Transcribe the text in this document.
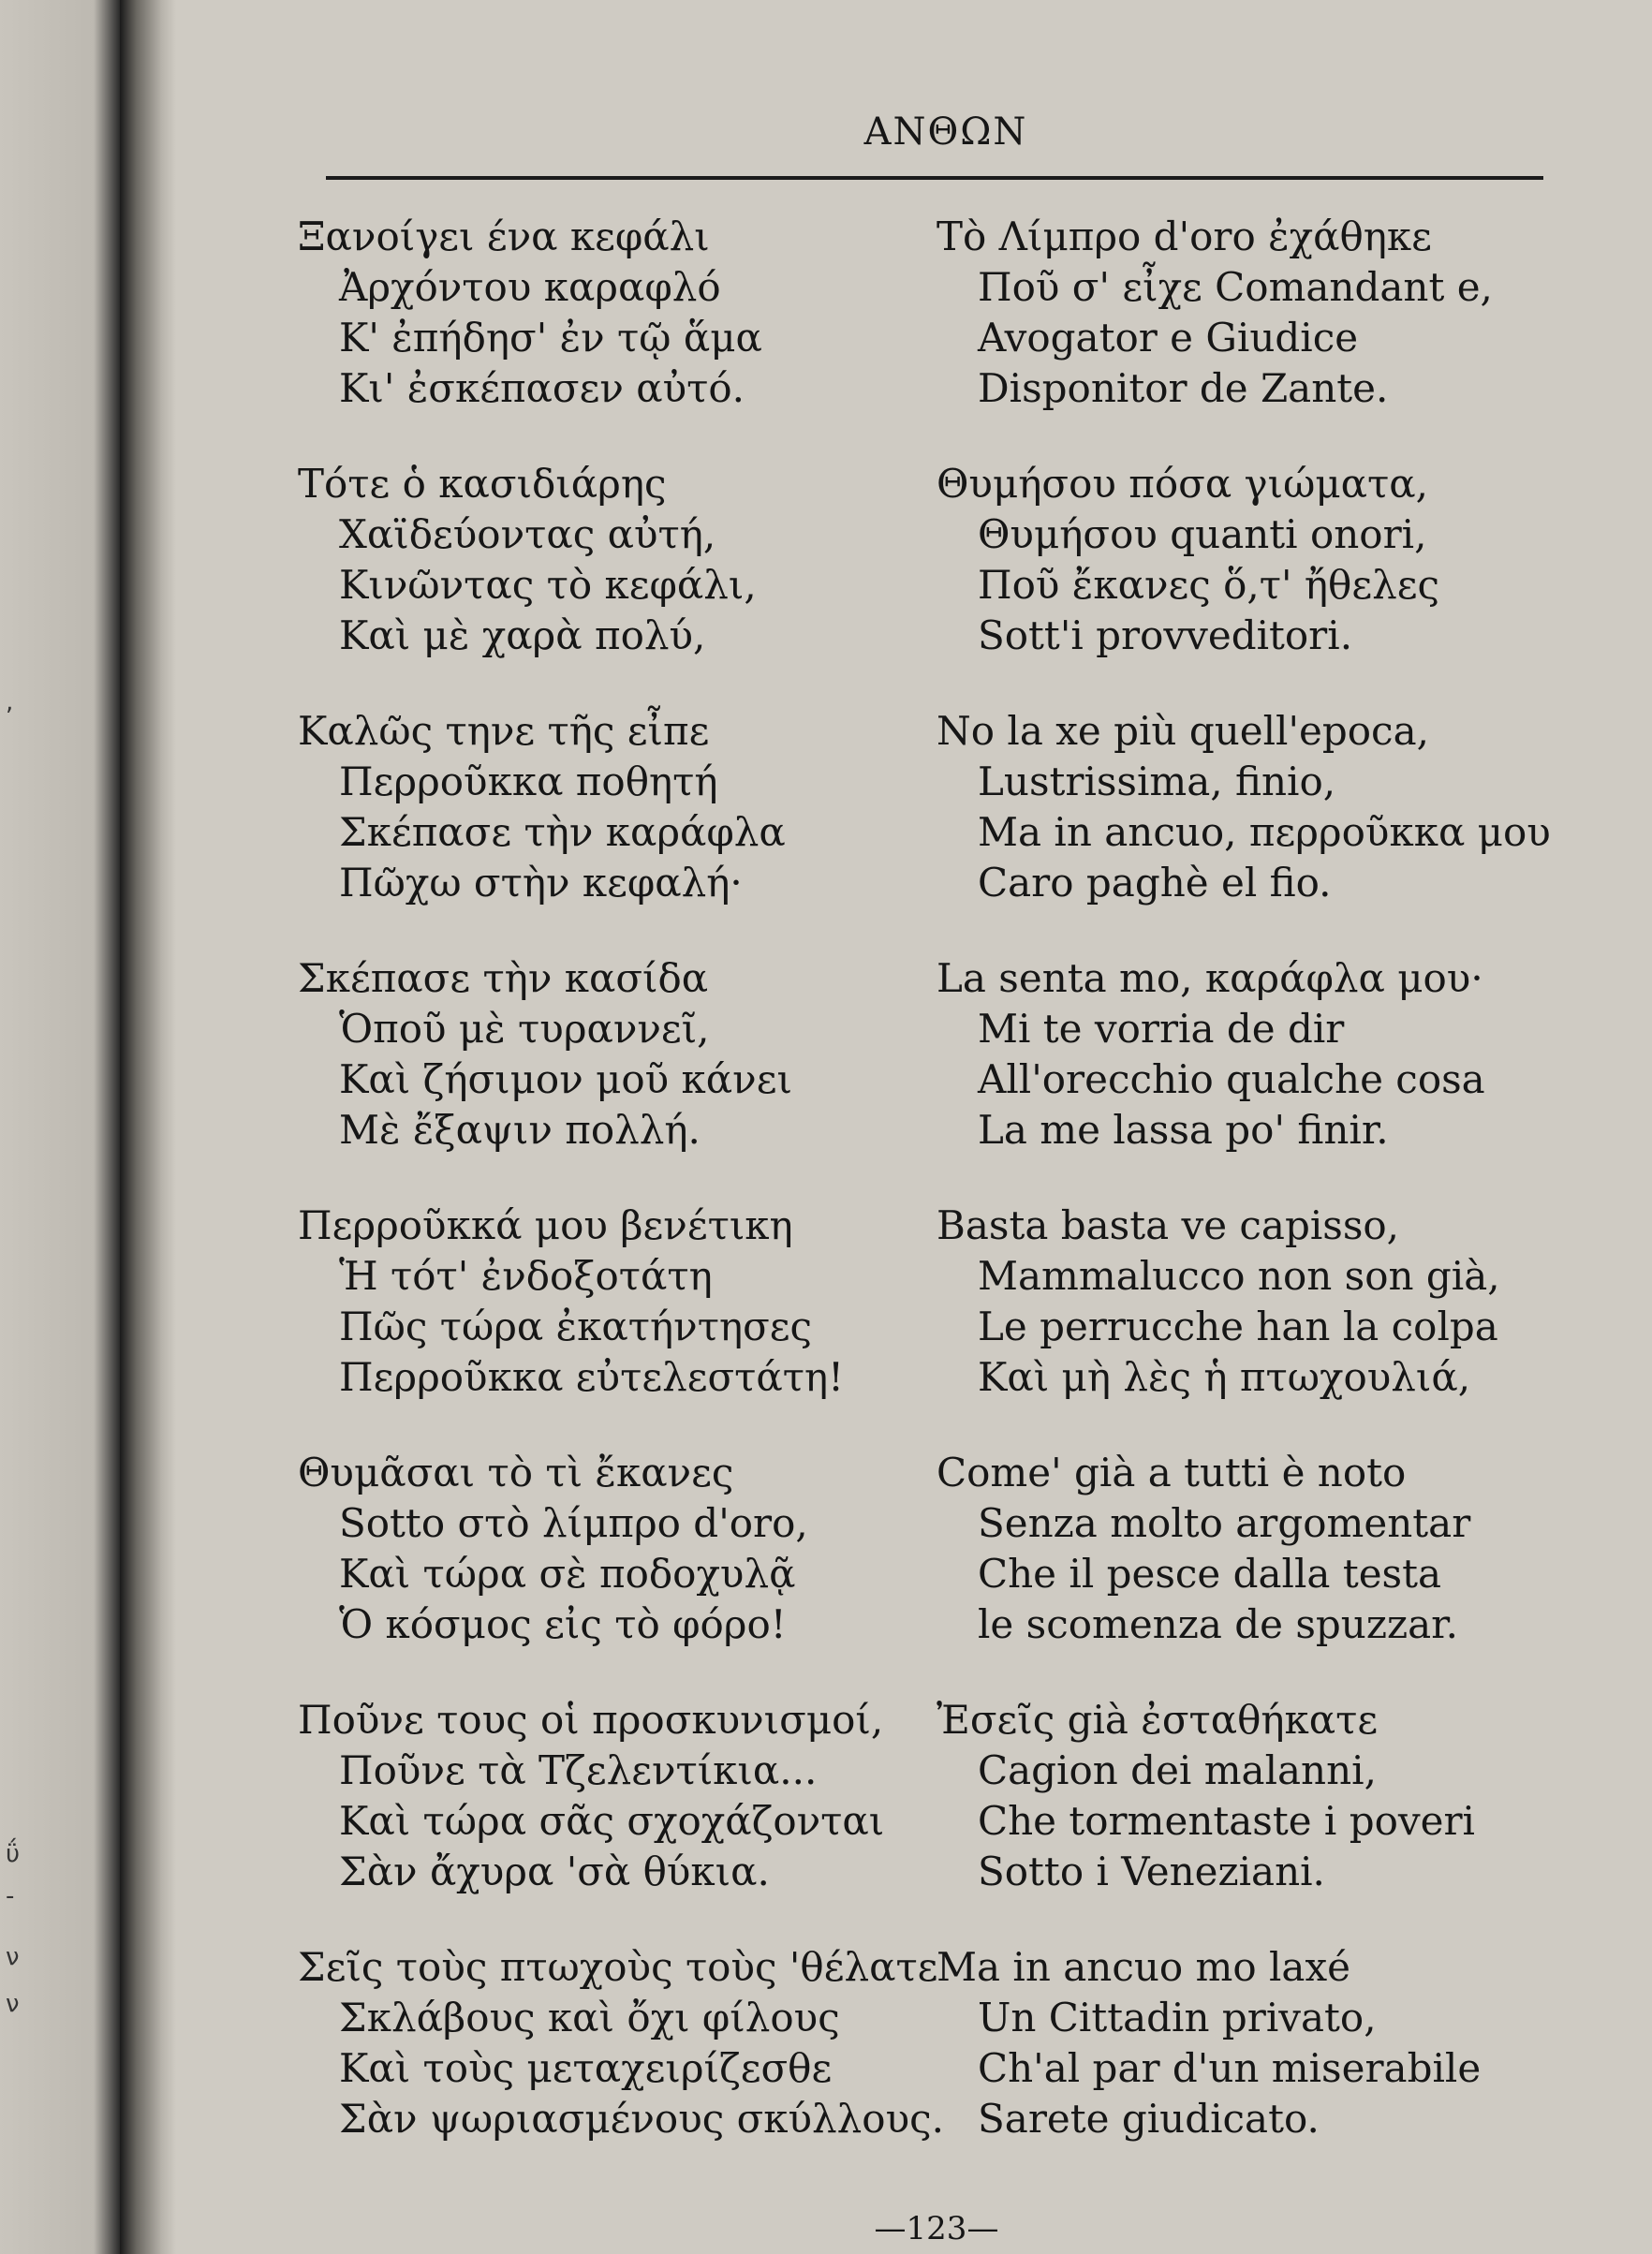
,
ΰ
-
ν
ν
ΑΝΘΩΝ
Ξανοίγει ένα κεφάλι
Ἀρχόντου καραφλό
Κ' ἐπήδησ' ἐν τῷ ἅμα
Κι' ἐσκέπασεν αὐτό.
Τότε ὁ κασιδιάρης
Χαϊδεύοντας αὐτή,
Κινῶντας τὸ κεφάλι,
Καὶ μὲ χαρὰ πολύ,
Καλῶς τηνε τῆς εἶπε
Περροῦκκα ποθητή
Σκέπασε τὴν καράφλα
Πῶχω στὴν κεφαλή·
Σκέπασε τὴν κασίδα
Ὁποῦ μὲ τυραννεῖ,
Καὶ ζήσιμον μοῦ κάνει
Μὲ ἔξαψιν πολλή.
Περροῦκκά μου βενέτικη
Ἡ τότ' ἐνδοξοτάτη
Πῶς τώρα ἐκατήντησες
Περροῦκκα εὐτελεστάτη!
Θυμᾶσαι τὸ τὶ ἔκανες
Sotto στὸ λίμπρο d'oro,
Καὶ τώρα σὲ ποδοχυλᾷ
Ὁ κόσμος εἰς τὸ φόρο!
Ποῦνε τους οἱ προσκυνισμοί,
Ποῦνε τὰ Τζελεντίκια...
Καὶ τώρα σᾶς σχοχάζονται
Σὰν ἄχυρα 'σὰ θύκια.
Σεῖς τοὺς πτωχοὺς τοὺς 'θέλατε
Σκλάβους καὶ ὄχι φίλους
Καὶ τοὺς μεταχειρίζεσθε
Σὰν ψωριασμένους σκύλλους.
Τὸ Λίμπρο d'oro ἐχάθηκε
Ποῦ σ' εἶχε Comandant e,
Avogator e Giudice
Disponitor de Zante.
Θυμήσου πόσα γιώματα,
Θυμήσου quanti onori,
Ποῦ ἔκανες ὅ,τ' ἤθελες
Sott'i provveditori.
No la xe più quell'epoca,
Lustrissima, finio,
Ma in ancuo, περροῦκκα μου
Caro paghè el fio.
La senta mo, καράφλα μου·
Mi te vorria de dir
All'orecchio qualche cosa
La me lassa po' finir.
Basta basta ve capisso,
Mammalucco non son già,
Le perrucche han la colpa
Καὶ μὴ λὲς ἡ πτωχουλιά,
Come' già a tutti è noto
Senza molto argomentar
Che il pesce dalla testa
le scomenza de spuzzar.
Ἐσεῖς già ἐσταθήκατε
Cagion dei malanni,
Che tormentaste i poveri
Sotto i Veneziani.
Ma in ancuo mo laxé
Un Cittadin privato,
Ch'al par d'un miserabile
Sarete giudicato.
—123—
